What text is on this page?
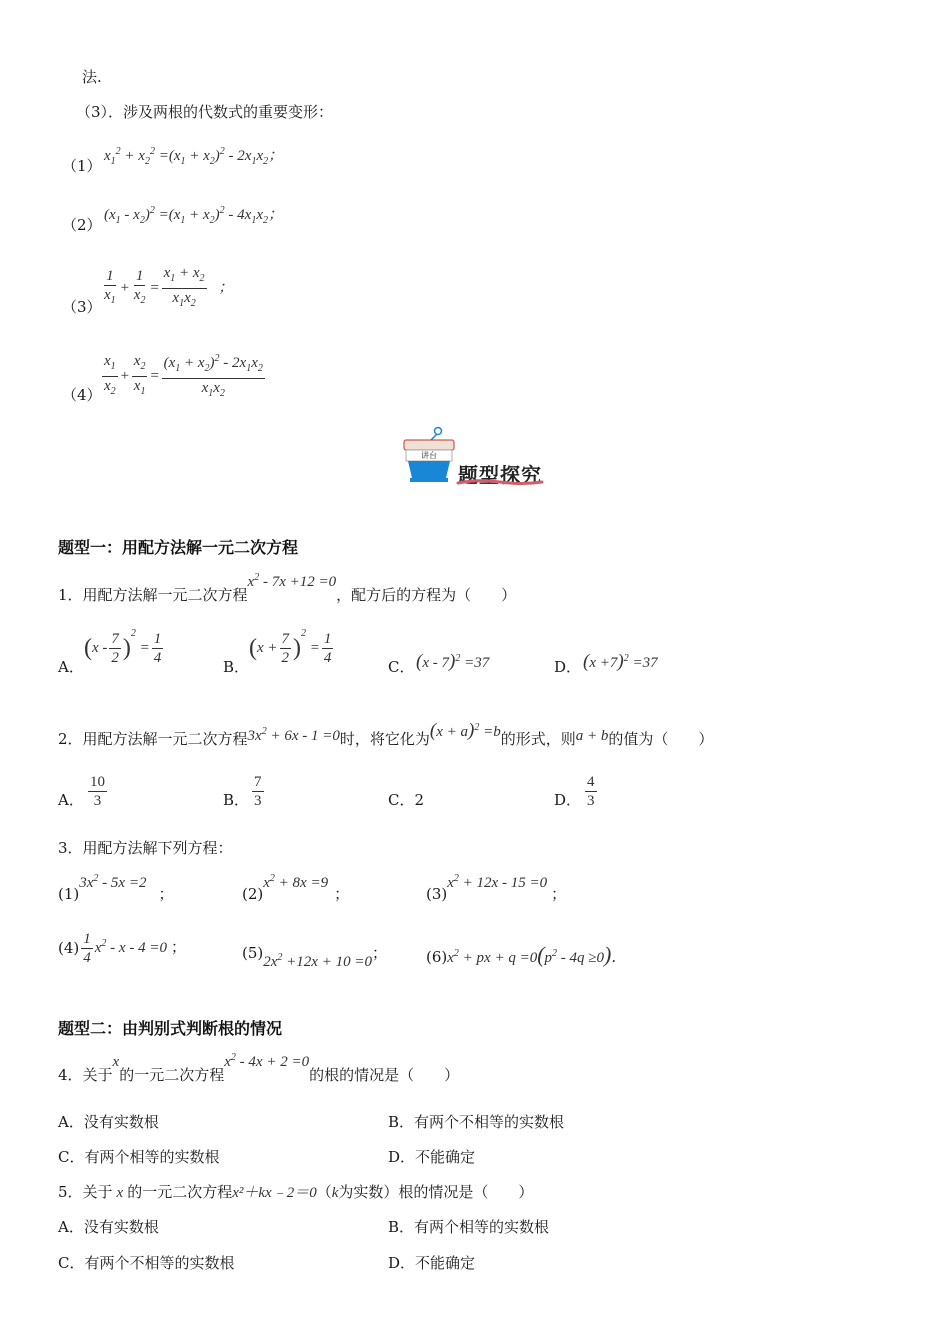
法.
（3）．涉及两根的代数式的重要变形：
（1）
$x_1^2 + x_2^2 =(x_1 + x_2)^2 - 2x_1x_2$；
（2）
$(x_1 - x_2)^2 =(x_1 + x_2)^2 - 4x_1x_2$；
$(3) \frac{1}{x_1} + \frac{1}{x_2} = \frac{x_1 + x_2}{x_1x_2}$ ；
$(4) \frac{x_1}{x_2} + \frac{x_2}{x_1} = \frac{(x_1 + x_2)^2 - 2x_1x_2}{x_1x_2}$
讲台
题型探究
题型一：用配方法解一元二次方程
1．用配方法解一元二次方程$x^2 - 7x +12 =0$，配方后的方程为（　　）
A．
$(x - \frac{7}{2} )^2 = \frac{1}{4}$	B．
$(x + \frac{7}{2} )^2 = \frac{1}{4}$	C． (x - 7)$^2$ =37	D． $(x +7)^2 =37$
2．用配方法解一元二次方程$3x^2 + 6x - 1 =0$时，将它化为$(x + a)^2 =b$的形式，则a + b的值为（　　）
A． $\frac{10}{3}$	B． $\frac{7}{3}$	C．2	D． $\frac{4}{3}$
3．用配方法解下列方程：
$(1)3x^2 - 5x =2$；	$(2)x^2 + 8x =9$；	$(3)x^2 + 12x - 15 =0$；
$(4) \frac{1}{4} x^2 - x - 4 =0$ ；	$(5)2x^2 +12x + 10 =0$；	$(6)x^2$ + px + $q =0(p^2 - 4q \ge 0)$.
题型二：由判别式判断根的情况
4．关于x的一元二次方程$x^2 - 4x + 2 =0$的根的情况是（　　）
A．没有实数根	B．有两个不相等的实数根
C．有两个相等的实数根	D．不能确定
5．关于 x 的一元二次方程x²＋kx﹣2＝0（k为实数）根的情况是（　　）
A．没有实数根	B．有两个相等的实数根
C．有两个不相等的实数根	D．不能确定
